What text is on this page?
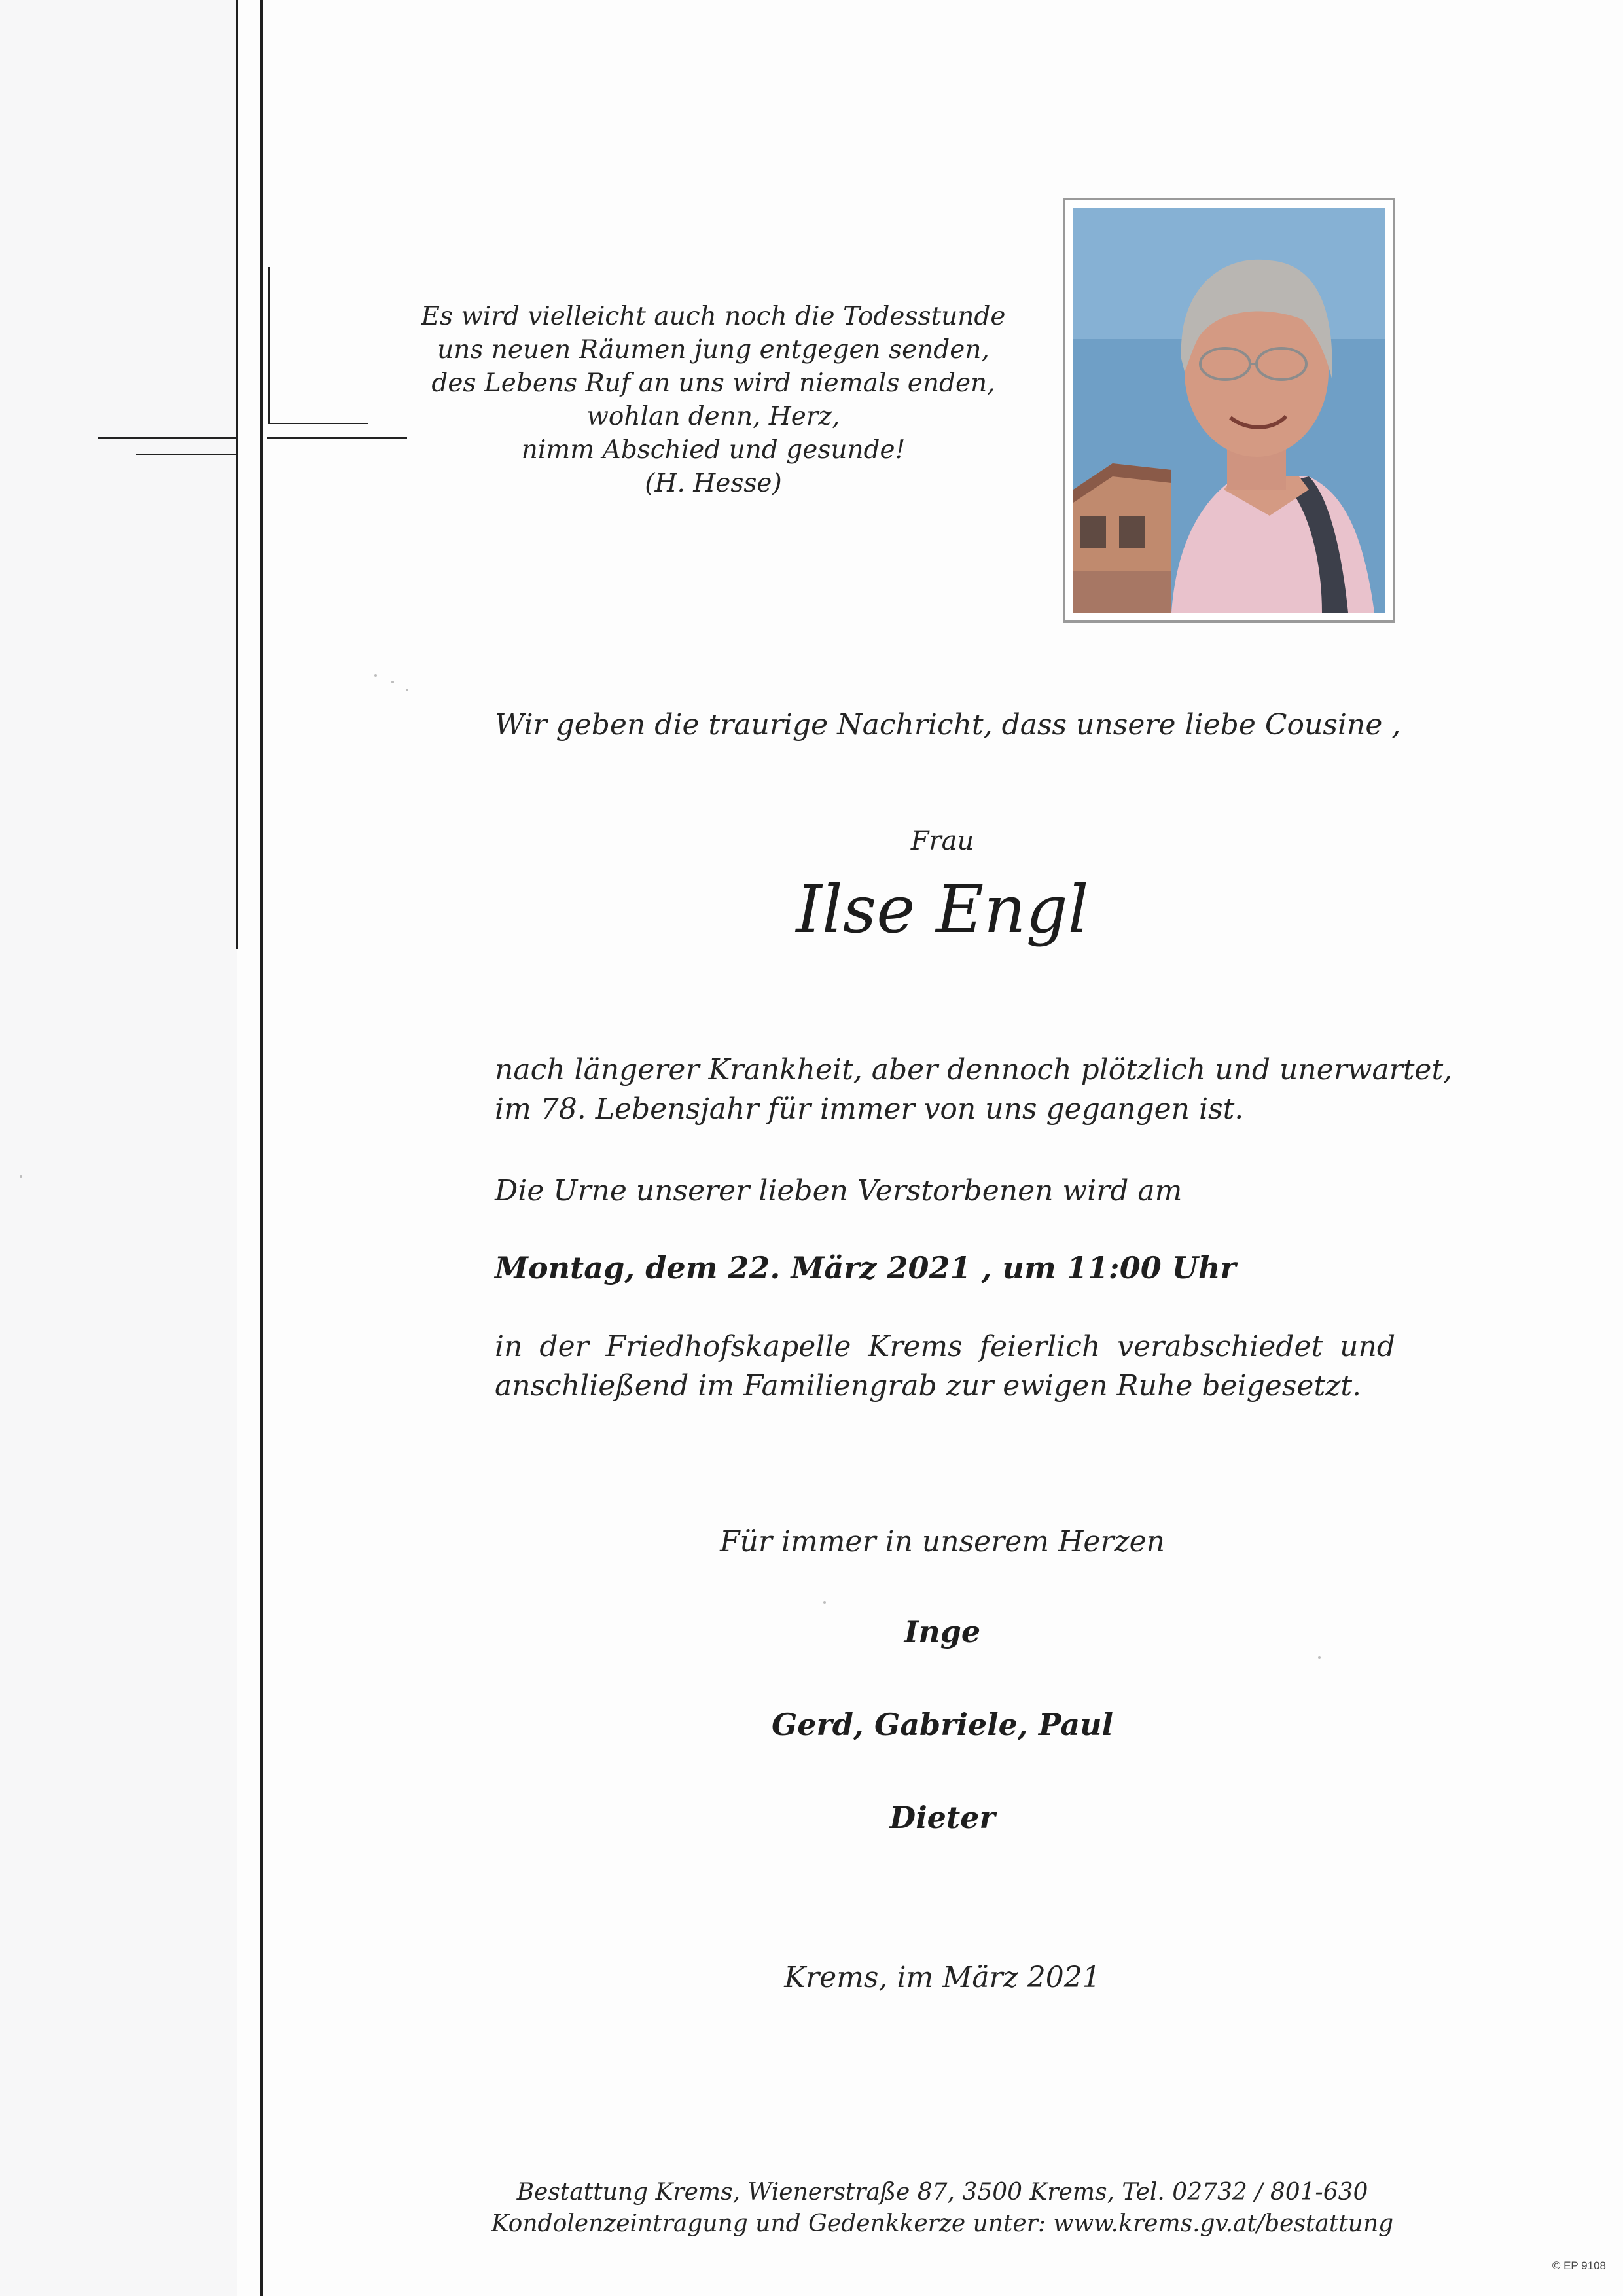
Es wird vielleicht auch noch die Todesstunde
uns neuen Räumen jung entgegen senden,
des Lebens Ruf an uns wird niemals enden,
wohlan denn, Herz,
nimm Abschied und gesunde!
(H. Hesse)
Wir geben die traurige Nachricht, dass unsere liebe Cousine ,
Frau
Ilse Engl
nach längerer Krankheit, aber dennoch plötzlich und unerwartet,
im 78. Lebensjahr für immer von uns gegangen ist.
Die Urne unserer lieben Verstorbenen wird am
Montag, dem 22. März 2021 , um 11:00 Uhr
in der Friedhofskapelle Krems feierlich verabschiedet und
anschließend im Familiengrab zur ewigen Ruhe beigesetzt.
Für immer in unserem Herzen
Inge
Gerd, Gabriele, Paul
Dieter
Krems, im März 2021
Bestattung Krems, Wienerstraße 87, 3500 Krems, Tel. 02732 / 801-630
Kondolenzeintragung und Gedenkkerze unter: www.krems.gv.at/bestattung
© EP 9108
